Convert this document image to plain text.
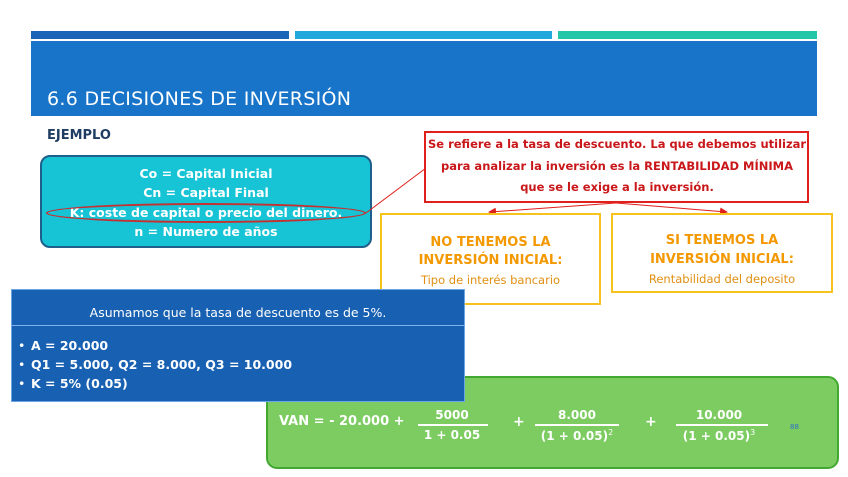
6.6 DECISIONES DE INVERSIÓN
EJEMPLO
Co = Capital Inicial
Cn = Capital Final
K: coste de capital o precio del dinero.
n = Numero de años
Se refiere a la tasa de descuento. La que debemos utilizar
para analizar la inversión es la RENTABILIDAD MÍNIMA
que se le exige a la inversión.
NO TENEMOS LA
INVERSIÓN INICIAL:
Tipo de interés bancario
SI TENEMOS LA
INVERSIÓN INICIAL:
Rentabilidad del deposito
VAN = - 20.000 +	5000
1 + 0.05
+	8.000
$(1 + 0.05)^2$
+	10.000
$(1 + 0.05)^3$
88
Asumamos que la tasa de descuento es de 5%.
• A = 20.000
• Q1 = 5.000, Q2 = 8.000, Q3 = 10.000
• K = 5% (0.05)
